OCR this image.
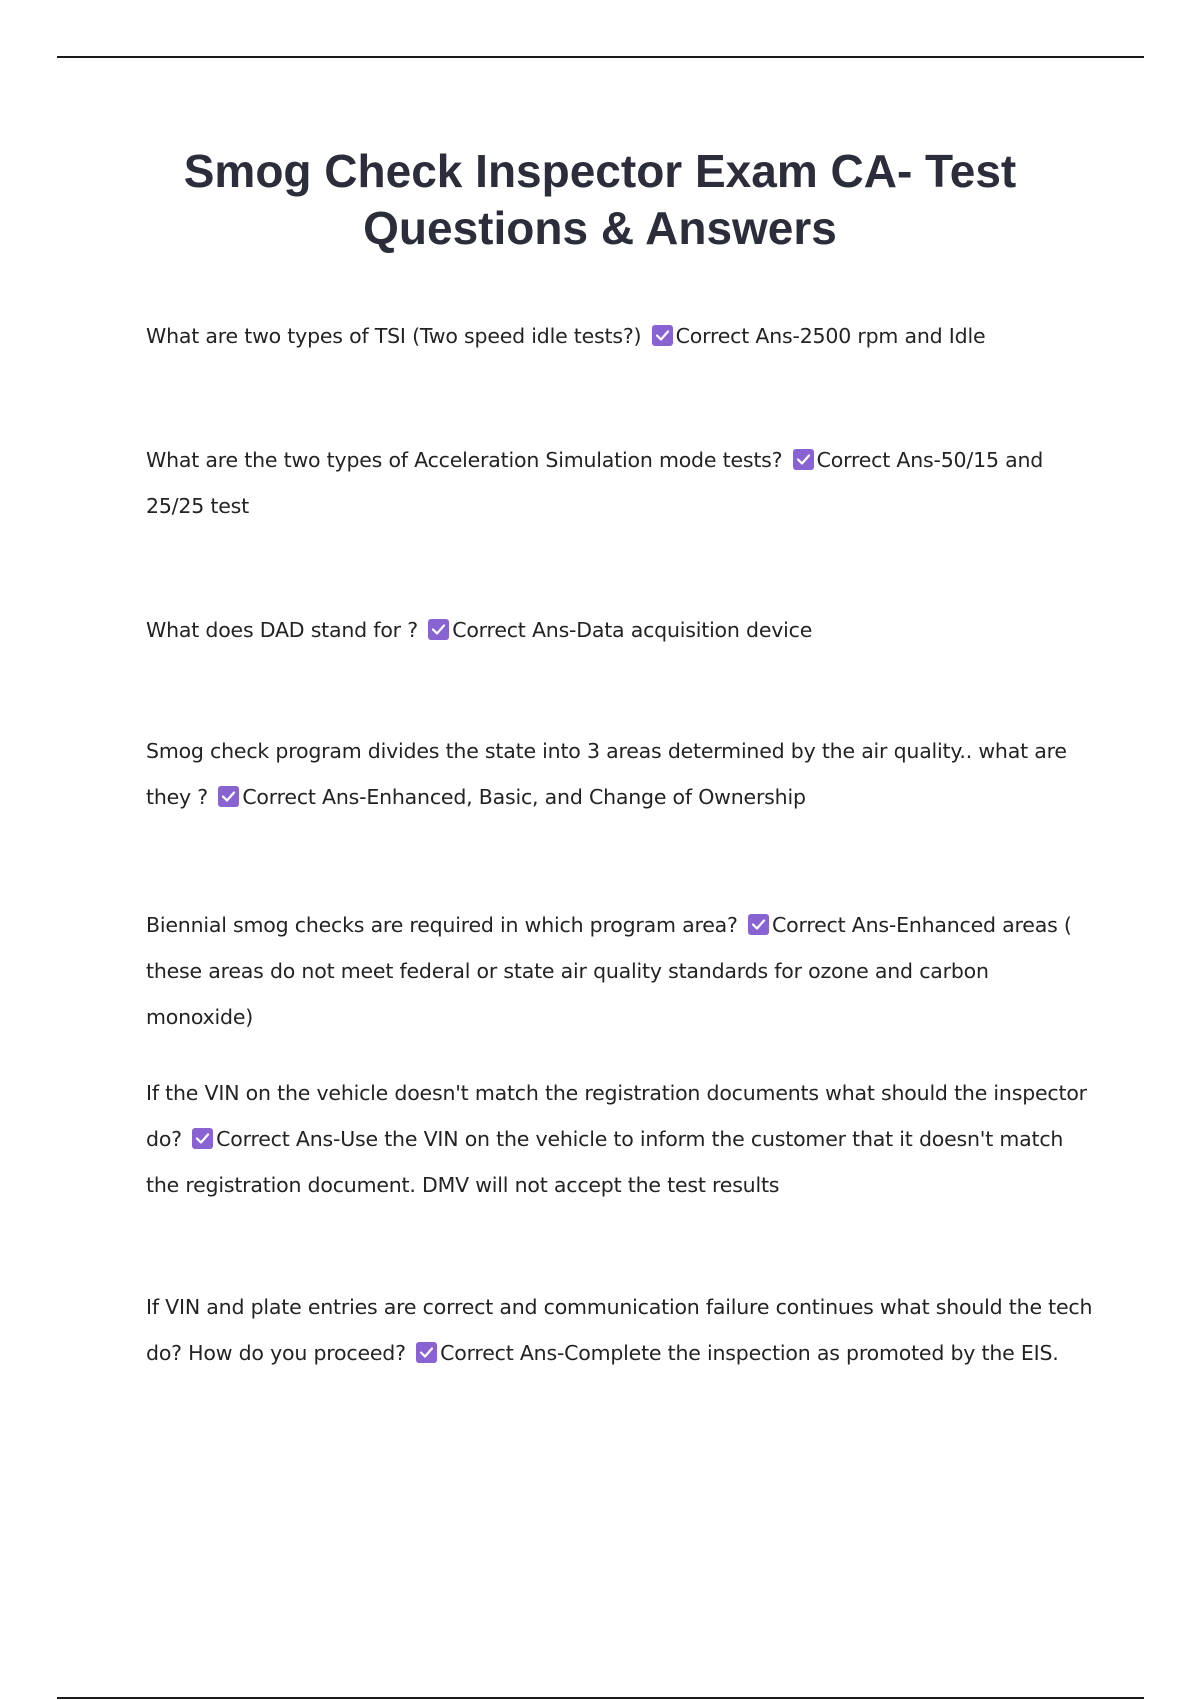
Smog Check Inspector Exam CA- Test Questions & Answers

What are two types of TSI (Two speed idle tests?) Correct Ans-2500 rpm and Idle

What are the two types of Acceleration Simulation mode tests? Correct Ans-50/15 and 25/25 test

What does DAD stand for ? Correct Ans-Data acquisition device

Smog check program divides the state into 3 areas determined by the air quality.. what are they ? Correct Ans-Enhanced, Basic, and Change of Ownership

Biennial smog checks are required in which program area? Correct Ans-Enhanced areas ( these areas do not meet federal or state air quality standards for ozone and carbon monoxide)

If the VIN on the vehicle doesn't match the registration documents what should the inspector do? Correct Ans-Use the VIN on the vehicle to inform the customer that it doesn't match the registration document. DMV will not accept the test results

If VIN and plate entries are correct and communication failure continues what should the tech do? How do you proceed? Correct Ans-Complete the inspection as promoted by the EIS.
